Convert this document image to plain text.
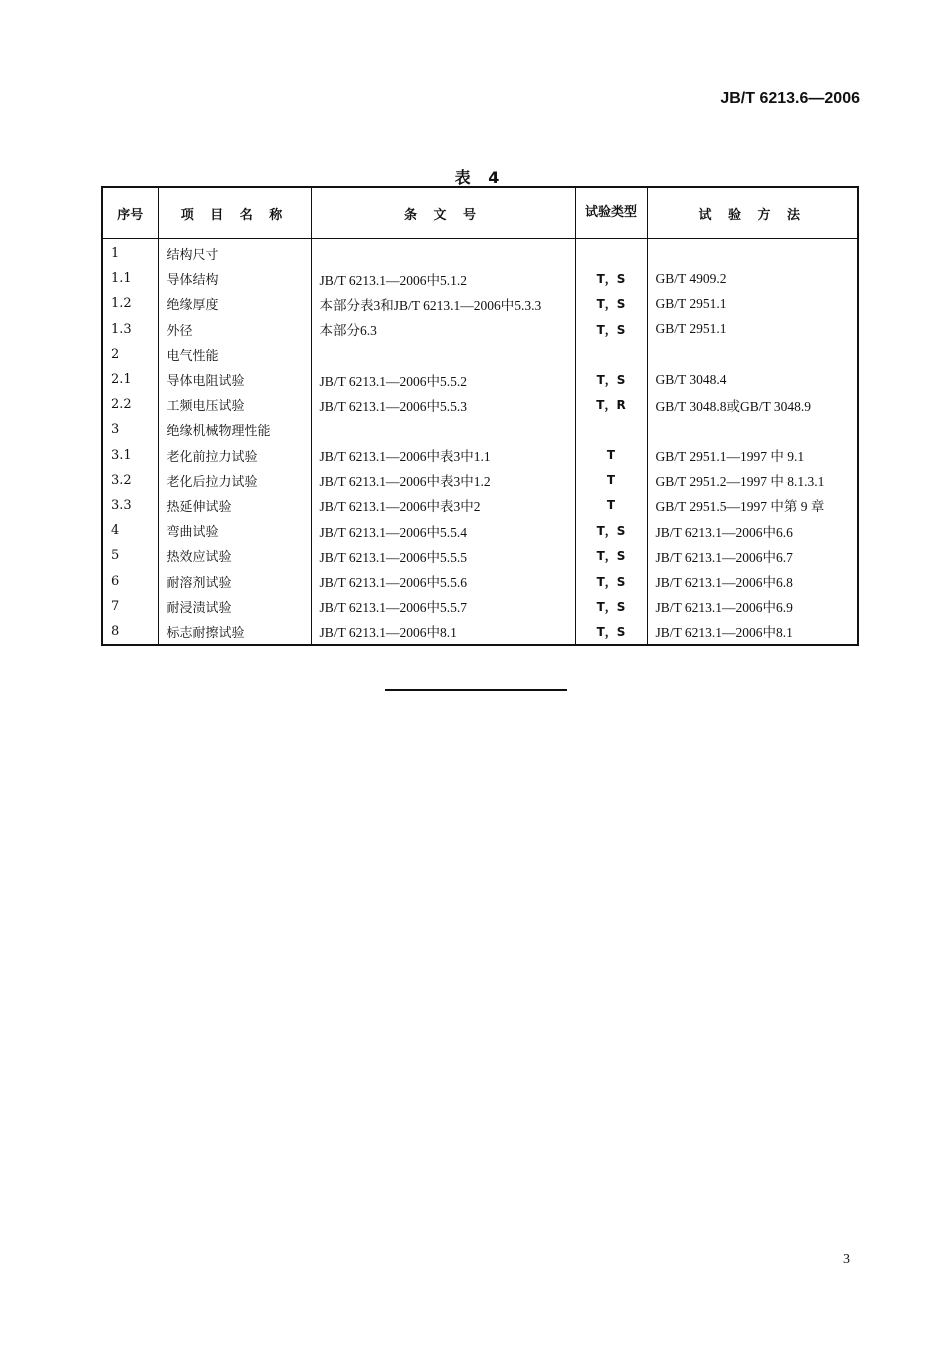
JB/T 6213.6—2006
表 4
序号	项 目 名 称	条 文 号	试验类型	试 验 方 法
1	结构尺寸			
1.1	导体结构	JB/T 6213.1—2006中5.1.2	T，S	GB/T 4909.2
1.2	绝缘厚度	本部分表3和JB/T 6213.1—2006中5.3.3	T，S	GB/T 2951.1
1.3	外径	本部分6.3	T，S	GB/T 2951.1
2	电气性能			
2.1	导体电阻试验	JB/T 6213.1—2006中5.5.2	T，S	GB/T 3048.4
2.2	工频电压试验	JB/T 6213.1—2006中5.5.3	T，R	GB/T 3048.8或GB/T 3048.9
3	绝缘机械物理性能			
3.1	老化前拉力试验	JB/T 6213.1—2006中表3中1.1	T	GB/T 2951.1—1997 中 9.1
3.2	老化后拉力试验	JB/T 6213.1—2006中表3中1.2	T	GB/T 2951.2—1997 中 8.1.3.1
3.3	热延伸试验	JB/T 6213.1—2006中表3中2	T	GB/T 2951.5—1997 中第 9 章
4	弯曲试验	JB/T 6213.1—2006中5.5.4	T，S	JB/T 6213.1—2006中6.6
5	热效应试验	JB/T 6213.1—2006中5.5.5	T，S	JB/T 6213.1—2006中6.7
6	耐溶剂试验	JB/T 6213.1—2006中5.5.6	T，S	JB/T 6213.1—2006中6.8
7	耐浸渍试验	JB/T 6213.1—2006中5.5.7	T，S	JB/T 6213.1—2006中6.9
8	标志耐擦试验	JB/T 6213.1—2006中8.1	T，S	JB/T 6213.1—2006中8.1
3
